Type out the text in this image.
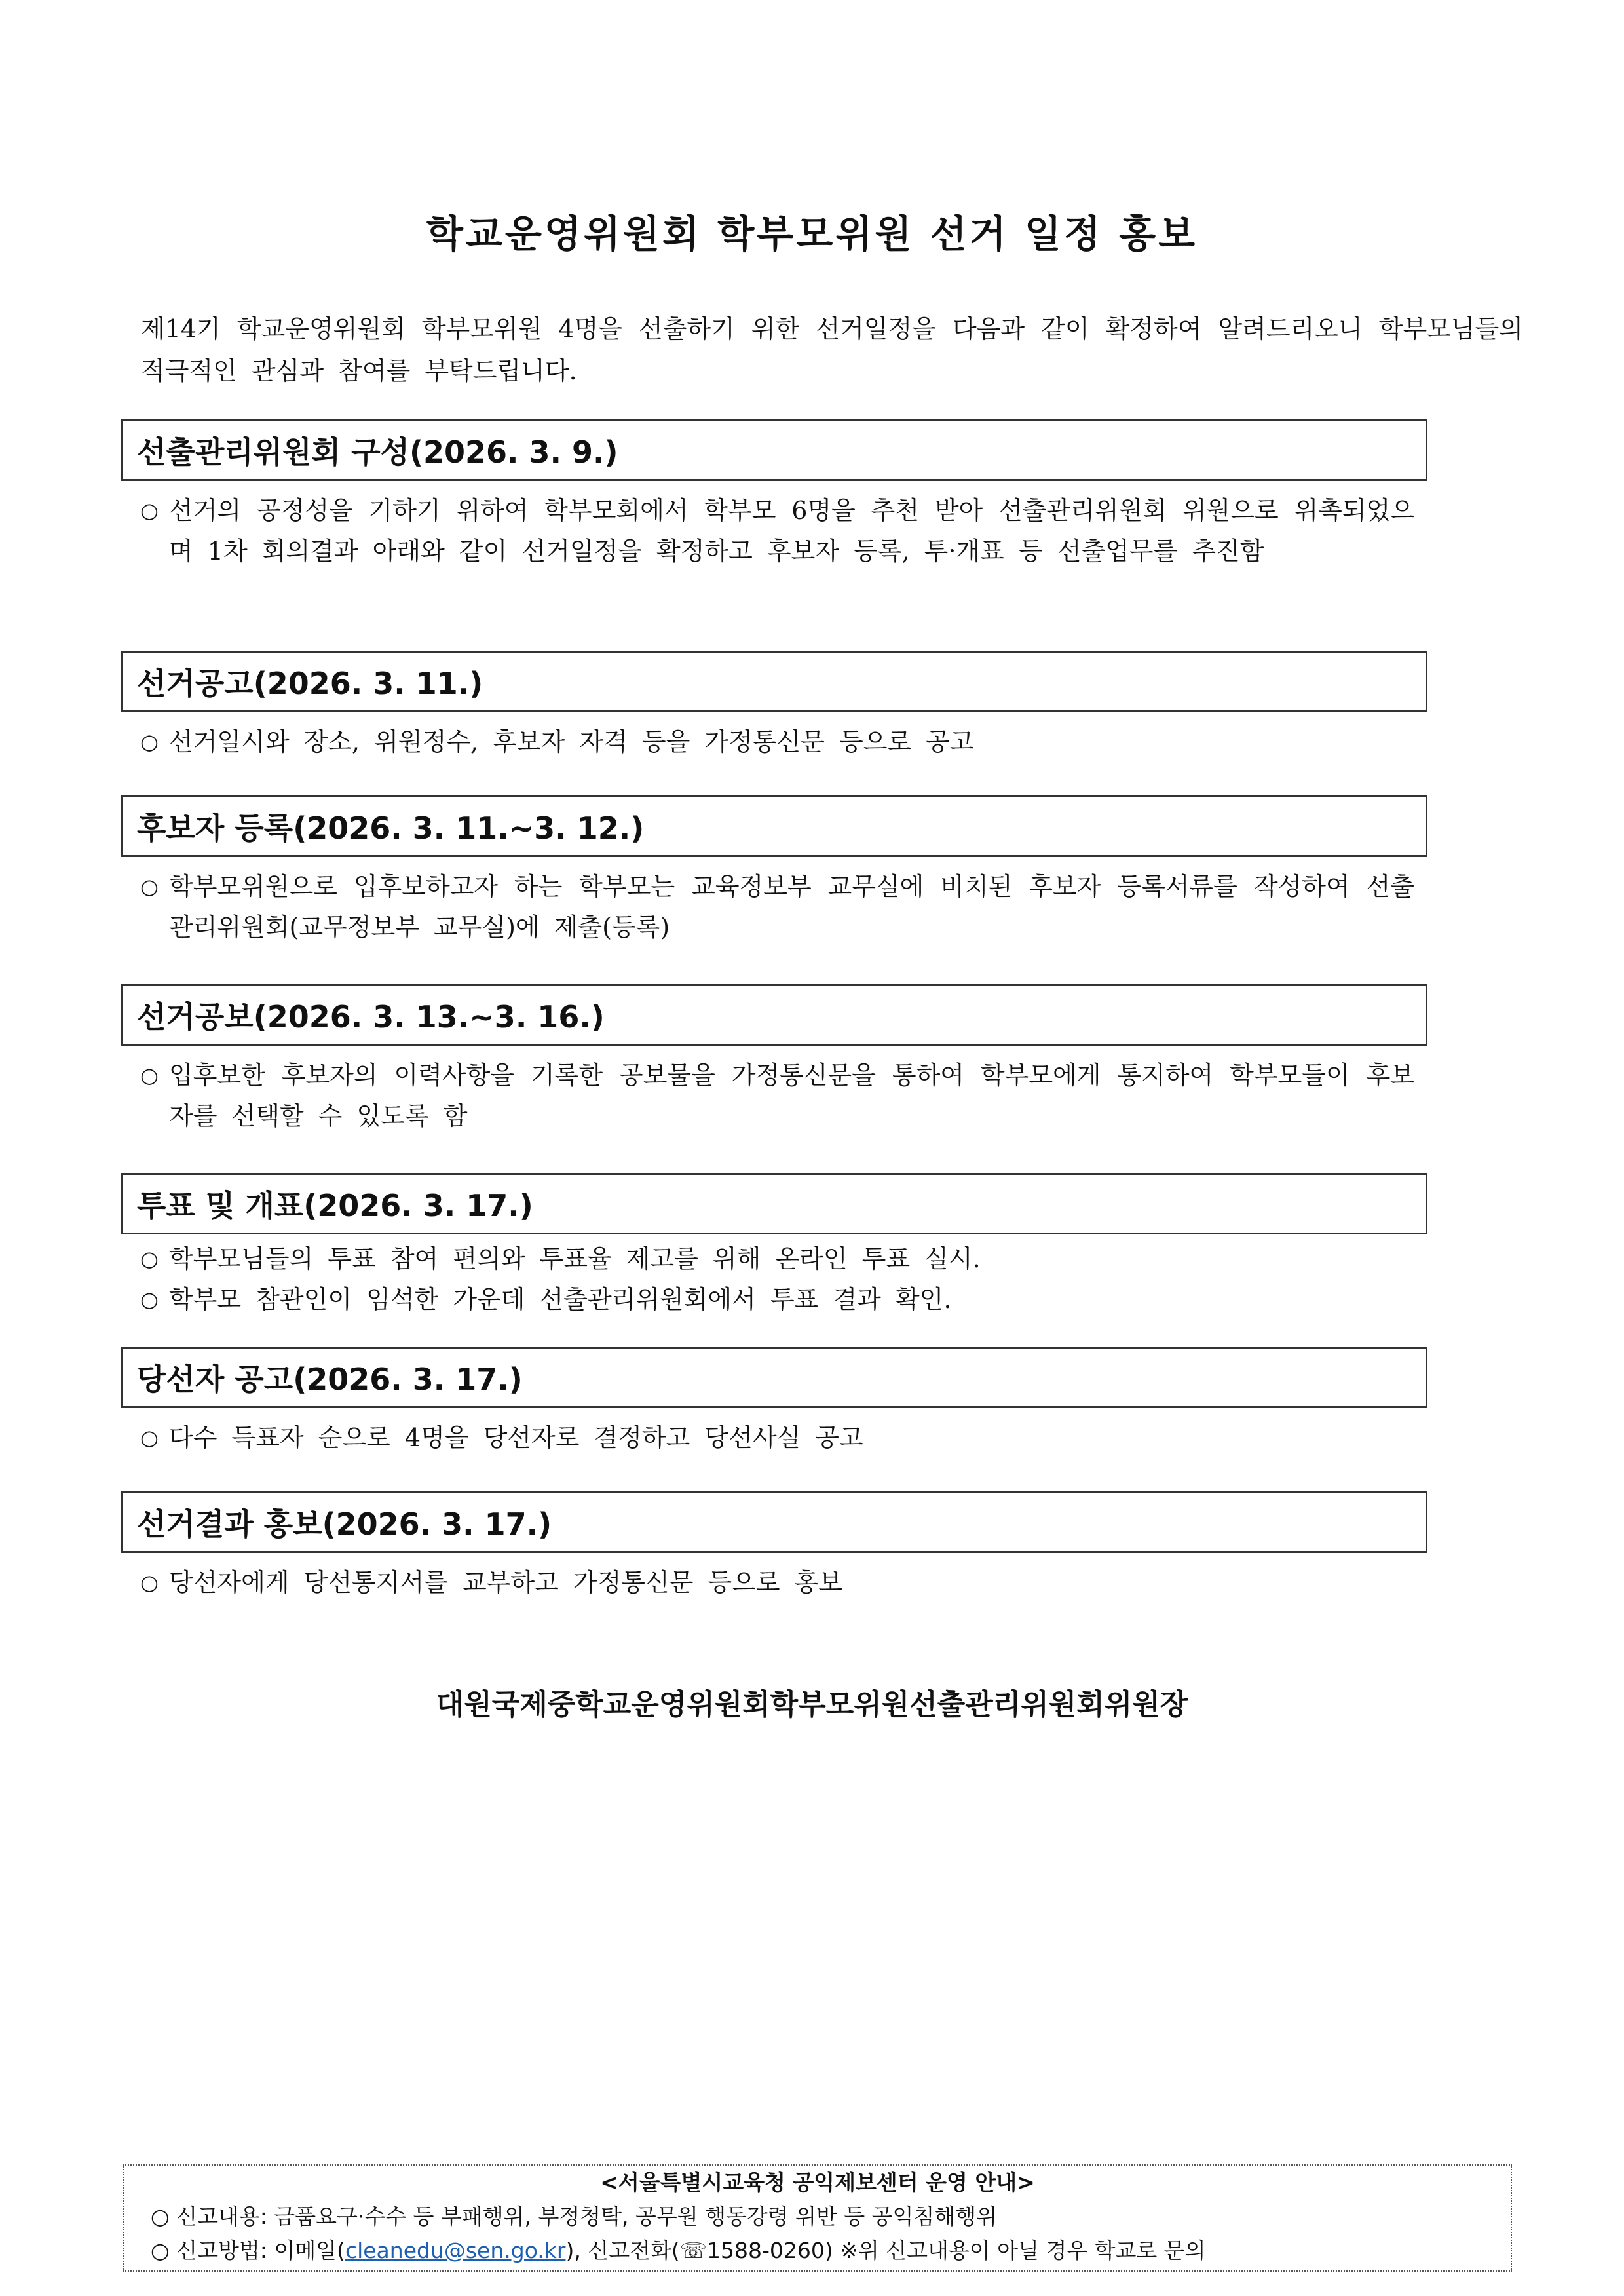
학교운영위원회 학부모위원 선거 일정 홍보
제14기 학교운영위원회 학부모위원 4명을 선출하기 위한 선거일정을 다음과 같이 확정하여 알려드리오니 학부모님들의 적극적인 관심과 참여를 부탁드립니다.
선출관리위원회 구성(2026. 3. 9.)
○ 선거의 공정성을 기하기 위하여 학부모회에서 학부모 6명을 추천 받아 선출관리위원회 위원으로 위촉되었으며 1차 회의결과 아래와 같이 선거일정을 확정하고 후보자 등록, 투·개표 등 선출업무를 추진함
선거공고(2026. 3. 11.)
○ 선거일시와 장소, 위원정수, 후보자 자격 등을 가정통신문 등으로 공고
후보자 등록(2026. 3. 11.~3. 12.)
○ 학부모위원으로 입후보하고자 하는 학부모는 교육정보부 교무실에 비치된 후보자 등록서류를 작성하여 선출관리위원회(교무정보부 교무실)에 제출(등록)
선거공보(2026. 3. 13.~3. 16.)
○ 입후보한 후보자의 이력사항을 기록한 공보물을 가정통신문을 통하여 학부모에게 통지하여 학부모들이 후보자를 선택할 수 있도록 함
투표 및 개표(2026. 3. 17.)
○ 학부모님들의 투표 참여 편의와 투표율 제고를 위해 온라인 투표 실시.
○ 학부모 참관인이 임석한 가운데 선출관리위원회에서 투표 결과 확인.
당선자 공고(2026. 3. 17.)
○ 다수 득표자 순으로 4명을 당선자로 결정하고 당선사실 공고
선거결과 홍보(2026. 3. 17.)
○ 당선자에게 당선통지서를 교부하고 가정통신문 등으로 홍보
대원국제중학교운영위원회학부모위원선출관리위원회위원장
<서울특별시교육청 공익제보센터 운영 안내>
○ 신고내용: 금품요구·수수 등 부패행위, 부정청탁, 공무원 행동강령 위반 등 공익침해행위
○ 신고방법: 이메일(cleanedu@sen.go.kr), 신고전화(☏1588-0260) ※위 신고내용이 아닐 경우 학교로 문의
